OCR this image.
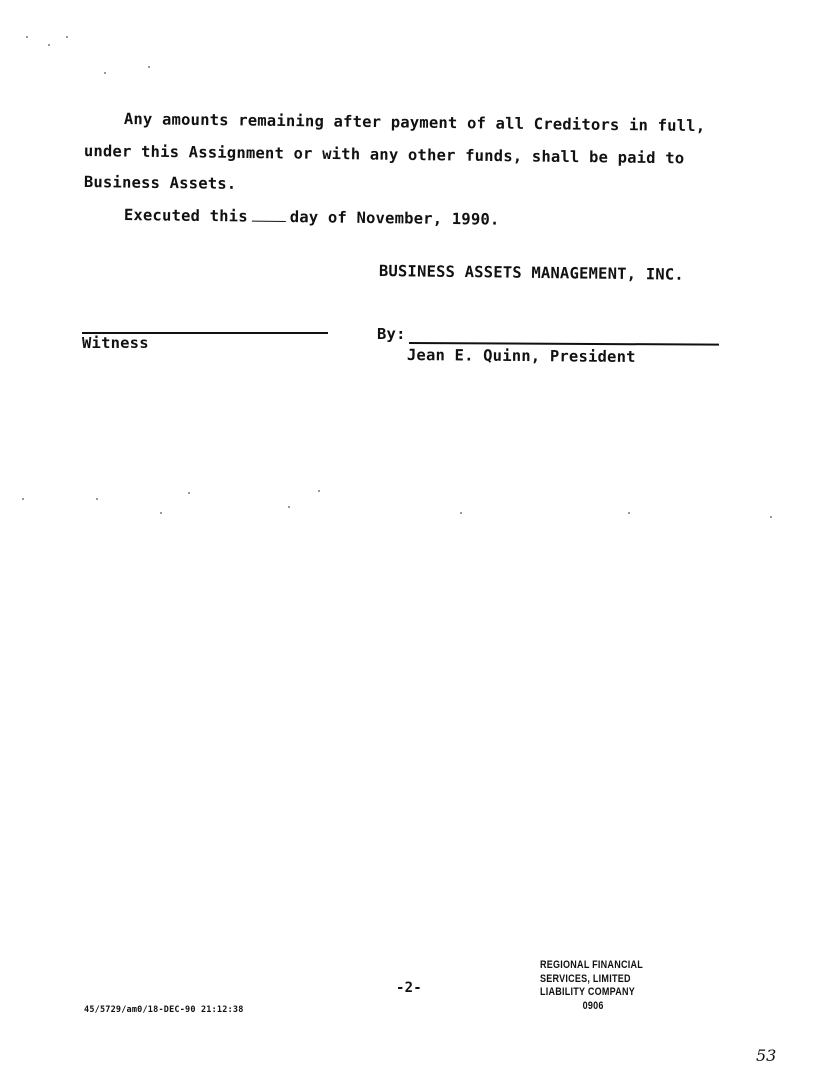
Any amounts remaining after payment of all Creditors in full,
under this Assignment or with any other funds, shall be paid to
Business Assets.
Executed this	day of November, 1990.
BUSINESS ASSETS MANAGEMENT, INC.
Witness	By:
Jean E. Quinn, President
REGIONAL FINANCIAL
SERVICES, LIMITED
LIABILITY COMPANY
0906
-2-
45/5729/am0/18-DEC-90 21:12:38
53
